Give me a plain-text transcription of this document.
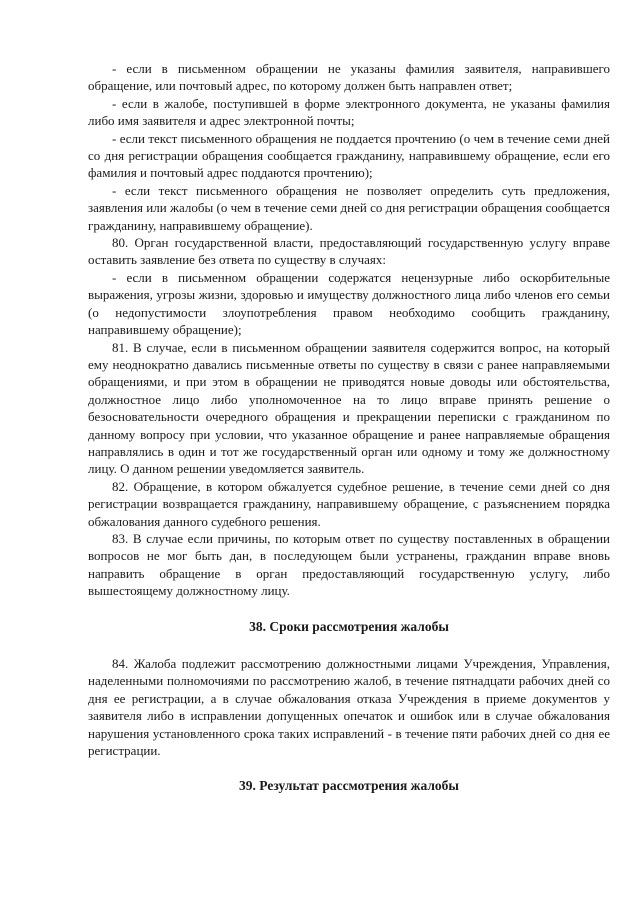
- если в письменном обращении не указаны фамилия заявителя, направившего обращение, или почтовый адрес, по которому должен быть направлен ответ;

- если в жалобе, поступившей в форме электронного документа, не указаны фамилия либо имя заявителя и адрес электронной почты;

- если текст письменного обращения не поддается прочтению (о чем в течение семи дней со дня регистрации обращения сообщается гражданину, направившему обращение, если его фамилия и почтовый адрес поддаются прочтению);

- если текст письменного обращения не позволяет определить суть предложения, заявления или жалобы (о чем в течение семи дней со дня регистрации обращения сообщается гражданину, направившему обращение).

80. Орган государственной власти, предоставляющий государственную услугу вправе оставить заявление без ответа по существу в случаях:

- если в письменном обращении содержатся нецензурные либо оскорбительные выражения, угрозы жизни, здоровью и имуществу должностного лица либо членов его семьи (о недопустимости злоупотребления правом необходимо сообщить гражданину, направившему обращение);

81. В случае, если в письменном обращении заявителя содержится вопрос, на который ему неоднократно давались письменные ответы по существу в связи с ранее направляемыми обращениями, и при этом в обращении не приводятся новые доводы или обстоятельства, должностное лицо либо уполномоченное на то лицо вправе принять решение о безосновательности очередного обращения и прекращении переписки с гражданином по данному вопросу при условии, что указанное обращение и ранее направляемые обращения направлялись в один и тот же государственный орган или одному и тому же должностному лицу. О данном решении уведомляется заявитель.

82. Обращение, в котором обжалуется судебное решение, в течение семи дней со дня регистрации возвращается гражданину, направившему обращение, с разъяснением порядка обжалования данного судебного решения.

83. В случае если причины, по которым ответ по существу поставленных в обращении вопросов не мог быть дан, в последующем были устранены, гражданин вправе вновь направить обращение в орган предоставляющий государственную услугу, либо вышестоящему должностному лицу.

38. Сроки рассмотрения жалобы

84. Жалоба подлежит рассмотрению должностными лицами Учреждения, Управления, наделенными полномочиями по рассмотрению жалоб, в течение пятнадцати рабочих дней со дня ее регистрации, а в случае обжалования отказа Учреждения в приеме документов у заявителя либо в исправлении допущенных опечаток и ошибок или в случае обжалования нарушения установленного срока таких исправлений - в течение пяти рабочих дней со дня ее регистрации.

39. Результат рассмотрения жалобы
